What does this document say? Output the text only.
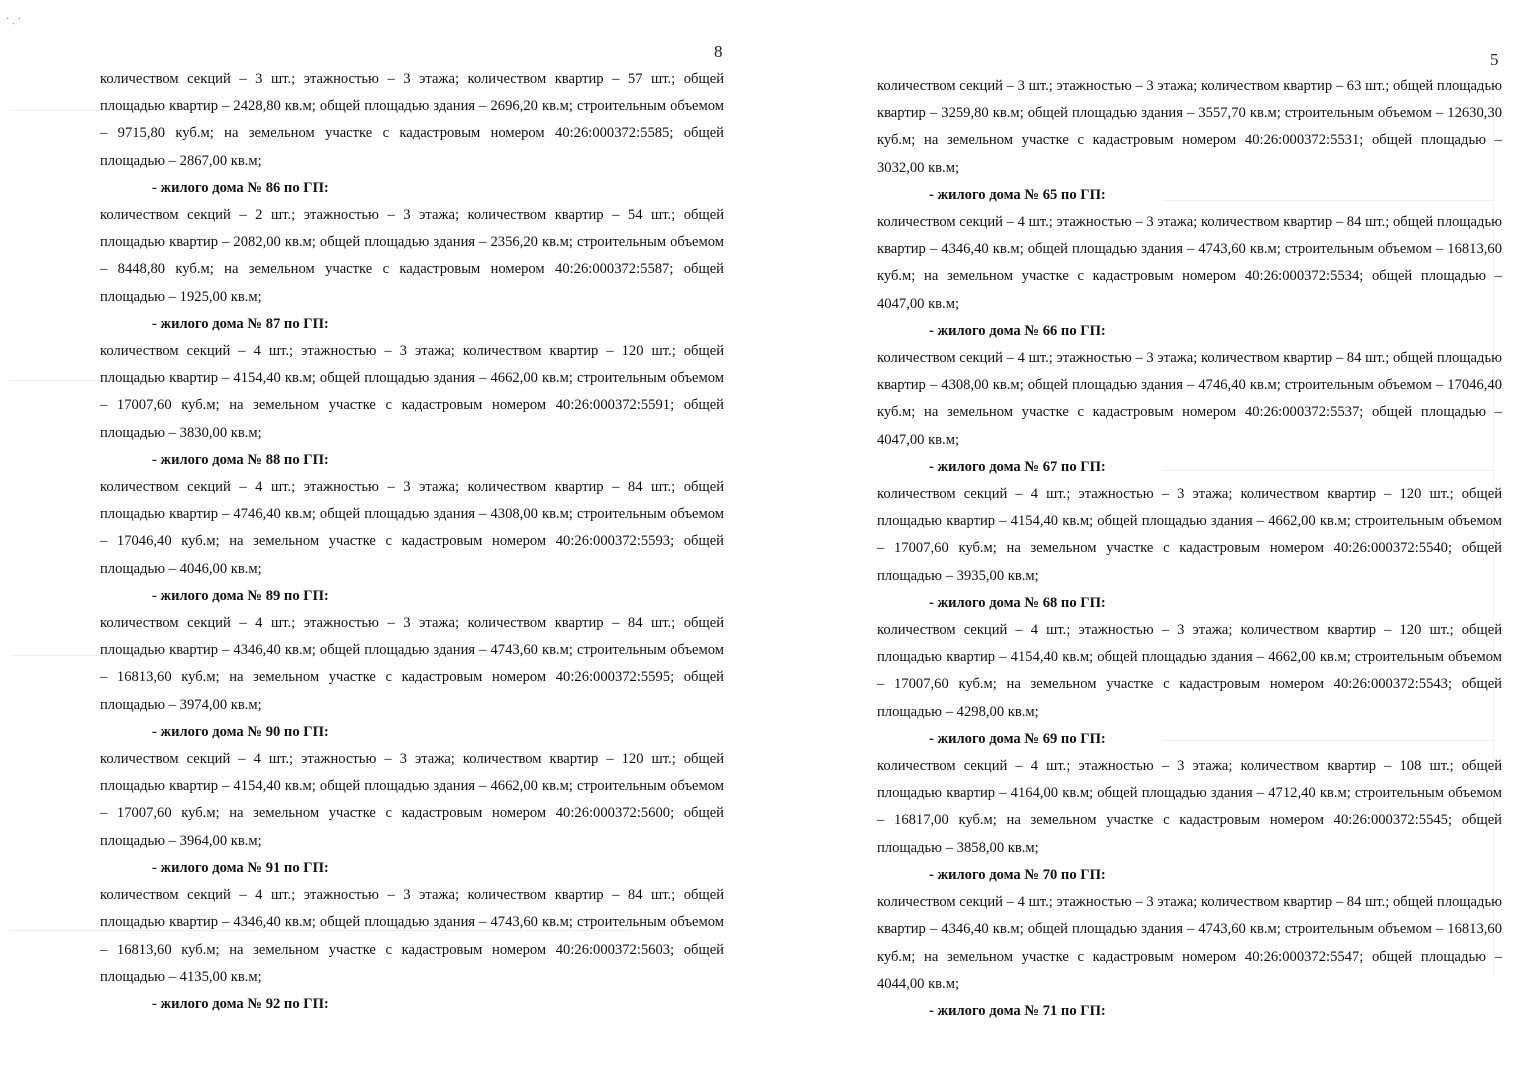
· ˏ ·
8
количеством секций – 3 шт.; этажностью – 3 этажа; количеством квартир – 57 шт.; общей площадью квартир – 2428,80 кв.м; общей площадью здания – 2696,20 кв.м; строительным объемом – 9715,80 куб.м; на земельном участке с кадастровым номером 40:26:000372:5585; общей площадью – 2867,00 кв.м;
- жилого дома № 86 по ГП:
количеством секций – 2 шт.; этажностью – 3 этажа; количеством квартир – 54 шт.; общей площадью квартир – 2082,00 кв.м; общей площадью здания – 2356,20 кв.м; строительным объемом – 8448,80 куб.м; на земельном участке с кадастровым номером 40:26:000372:5587; общей площадью – 1925,00 кв.м;
- жилого дома № 87 по ГП:
количеством секций – 4 шт.; этажностью – 3 этажа; количеством квартир – 120 шт.; общей площадью квартир – 4154,40 кв.м; общей площадью здания – 4662,00 кв.м; строительным объемом – 17007,60 куб.м; на земельном участке с кадастровым номером 40:26:000372:5591; общей площадью – 3830,00 кв.м;
- жилого дома № 88 по ГП:
количеством секций – 4 шт.; этажностью – 3 этажа; количеством квартир – 84 шт.; общей площадью квартир – 4746,40 кв.м; общей площадью здания – 4308,00 кв.м; строительным объемом – 17046,40 куб.м; на земельном участке с кадастровым номером 40:26:000372:5593; общей площадью – 4046,00 кв.м;
- жилого дома № 89 по ГП:
количеством секций – 4 шт.; этажностью – 3 этажа; количеством квартир – 84 шт.; общей площадью квартир – 4346,40 кв.м; общей площадью здания – 4743,60 кв.м; строительным объемом – 16813,60 куб.м; на земельном участке с кадастровым номером 40:26:000372:5595; общей площадью – 3974,00 кв.м;
- жилого дома № 90 по ГП:
количеством секций – 4 шт.; этажностью – 3 этажа; количеством квартир – 120 шт.; общей площадью квартир – 4154,40 кв.м; общей площадью здания – 4662,00 кв.м; строительным объемом – 17007,60 куб.м; на земельном участке с кадастровым номером 40:26:000372:5600; общей площадью – 3964,00 кв.м;
- жилого дома № 91 по ГП:
количеством секций – 4 шт.; этажностью – 3 этажа; количеством квартир – 84 шт.; общей площадью квартир – 4346,40 кв.м; общей площадью здания – 4743,60 кв.м; строительным объемом – 16813,60 куб.м; на земельном участке с кадастровым номером 40:26:000372:5603; общей площадью – 4135,00 кв.м;
- жилого дома № 92 по ГП:
5
количеством секций – 3 шт.; этажностью – 3 этажа; количеством квартир – 63 шт.; общей площадью квартир – 3259,80 кв.м; общей площадью здания – 3557,70 кв.м; строительным объемом – 12630,30 куб.м; на земельном участке с кадастровым номером 40:26:000372:5531; общей площадью – 3032,00 кв.м;
- жилого дома № 65 по ГП:
количеством секций – 4 шт.; этажностью – 3 этажа; количеством квартир – 84 шт.; общей площадью квартир – 4346,40 кв.м; общей площадью здания – 4743,60 кв.м; строительным объемом – 16813,60 куб.м; на земельном участке с кадастровым номером 40:26:000372:5534; общей площадью – 4047,00 кв.м;
- жилого дома № 66 по ГП:
количеством секций – 4 шт.; этажностью – 3 этажа; количеством квартир – 84 шт.; общей площадью квартир – 4308,00 кв.м; общей площадью здания – 4746,40 кв.м; строительным объемом – 17046,40 куб.м; на земельном участке с кадастровым номером 40:26:000372:5537; общей площадью – 4047,00 кв.м;
- жилого дома № 67 по ГП:
количеством секций – 4 шт.; этажностью – 3 этажа; количеством квартир – 120 шт.; общей площадью квартир – 4154,40 кв.м; общей площадью здания – 4662,00 кв.м; строительным объемом – 17007,60 куб.м; на земельном участке с кадастровым номером 40:26:000372:5540; общей площадью – 3935,00 кв.м;
- жилого дома № 68 по ГП:
количеством секций – 4 шт.; этажностью – 3 этажа; количеством квартир – 120 шт.; общей площадью квартир – 4154,40 кв.м; общей площадью здания – 4662,00 кв.м; строительным объемом – 17007,60 куб.м; на земельном участке с кадастровым номером 40:26:000372:5543; общей площадью – 4298,00 кв.м;
- жилого дома № 69 по ГП:
количеством секций – 4 шт.; этажностью – 3 этажа; количеством квартир – 108 шт.; общей площадью квартир – 4164,00 кв.м; общей площадью здания – 4712,40 кв.м; строительным объемом – 16817,00 куб.м; на земельном участке с кадастровым номером 40:26:000372:5545; общей площадью – 3858,00 кв.м;
- жилого дома № 70 по ГП:
количеством секций – 4 шт.; этажностью – 3 этажа; количеством квартир – 84 шт.; общей площадью квартир – 4346,40 кв.м; общей площадью здания – 4743,60 кв.м; строительным объемом – 16813,60 куб.м; на земельном участке с кадастровым номером 40:26:000372:5547; общей площадью – 4044,00 кв.м;
- жилого дома № 71 по ГП:
